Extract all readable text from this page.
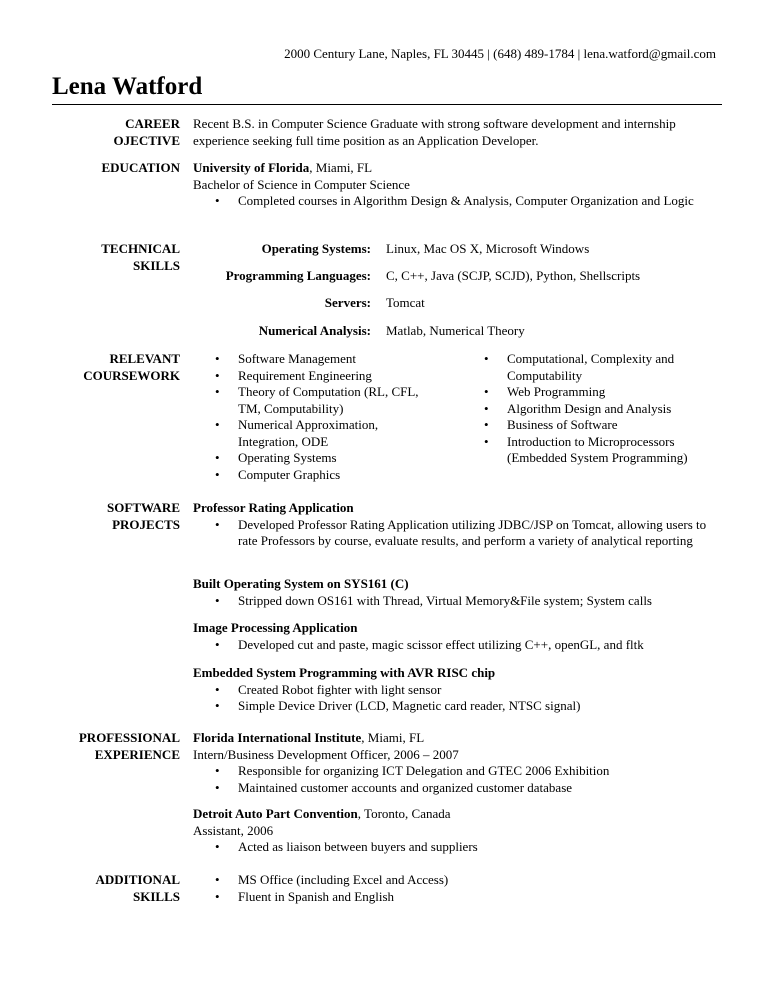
2000 Century Lane, Naples, FL 30445 | (648) 489-1784 | lena.watford@gmail.com
Lena Watford
CAREER
OJECTIVE
Recent B.S. in Computer Science Graduate with strong software development and internship experience seeking full time position as an Application Developer.
EDUCATION University of Florida, Miami, FL
Bachelor of Science in Computer Science
• Completed courses in Algorithm Design & Analysis, Computer Organization and Logic
TECHNICAL
SKILLS
Operating Systems: Linux, Mac OS X, Microsoft Windows
Programming Languages: C, C++, Java (SCJP, SCJD), Python, Shellscripts
Servers: Tomcat
Numerical Analysis: Matlab, Numerical Theory
RELEVANT
COURSEWORK
• Software Management
• Requirement Engineering
• Theory of Computation (RL, CFL, TM, Computability)
• Numerical Approximation, Integration, ODE
• Operating Systems
• Computer Graphics
• Computational, Complexity and Computability
• Web Programming
• Algorithm Design and Analysis
• Business of Software
• Introduction to Microprocessors (Embedded System Programming)
SOFTWARE
PROJECTS
Professor Rating Application
• Developed Professor Rating Application utilizing JDBC/JSP on Tomcat, allowing users to rate Professors by course, evaluate results, and perform a variety of analytical reporting
Built Operating System on SYS161 (C)
• Stripped down OS161 with Thread, Virtual Memory&File system; System calls
Image Processing Application
• Developed cut and paste, magic scissor effect utilizing C++, openGL, and fltk
Embedded System Programming with AVR RISC chip
• Created Robot fighter with light sensor
• Simple Device Driver (LCD, Magnetic card reader, NTSC signal)
PROFESSIONAL
EXPERIENCE
Florida International Institute, Miami, FL
Intern/Business Development Officer, 2006 – 2007
• Responsible for organizing ICT Delegation and GTEC 2006 Exhibition
• Maintained customer accounts and organized customer database
Detroit Auto Part Convention, Toronto, Canada
Assistant, 2006
• Acted as liaison between buyers and suppliers
ADDITIONAL
SKILLS
• MS Office (including Excel and Access)
• Fluent in Spanish and English
